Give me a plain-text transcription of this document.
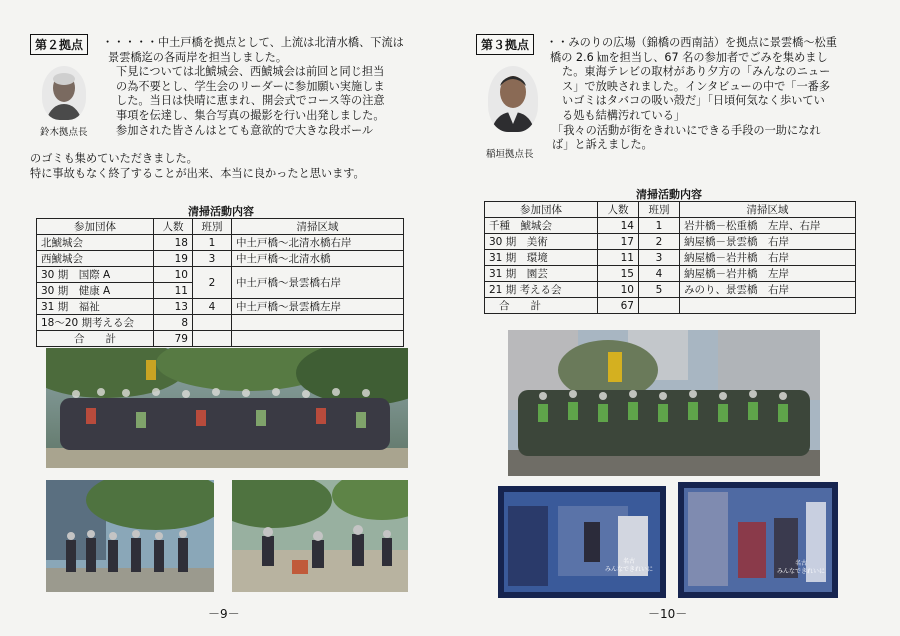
第２拠点	・・・・・中土戸橋を拠点として、上流は北清水橋、下流は

景雲橋迄の各両岸を担当しました。

下見については北鯱城会、西鯱城会は前回と同じ担当

の為不要とし、学生会のリーダーに参加願い実施しま

した。当日は快晴に恵まれ、開会式でコース等の注意

事項を伝達し、集合写真の撮影を行い出発しました。

参加された皆さんはとても意欲的で大きな段ボール

のゴミも集めていただきました。

特に事故もなく終了することが出来、本当に良かったと思います。

鈴木拠点長
清掃活動内容
参加団体	人数	班別	清掃区域
北鯱城会	18	1	中土戸橋～北清水橋右岸
西鯱城会	19	3	中土戸橋～北清水橋
30 期　国際 A	10	2	中土戸橋～景雲橋右岸
30 期　健康 A	11		
31 期　福祉	13	4	中土戸橋～景雲橋左岸
18～20 期考える会	8		
合　　計	79		
－9－
第３拠点	・・みのりの広場（錦橋の西南詰）を拠点に景雲橋～松重

橋の 2.6 ㎞を担当し、67 名の参加者でごみを集めまし

た。東海テレビの取材があり夕方の「みんなのニュー

ス」で放映されました。インタビューの中で「一番多

いゴミはタバコの吸い殻だ」「日頃何気なく歩いてい

る処も結構汚れている」

「我々の活動が街をきれいにできる手段の一助になれ

ば」と訴えました。

稲垣拠点長
清掃活動内容
参加団体	人数	班別	清掃区域
千種　鯱城会	14	1	岩井橋－松重橋　左岸、右岸
30 期　美術	17	2	納屋橋－景雲橋　右岸
31 期　環境	11	3	納屋橋－岩井橋　右岸
31 期　園芸	15	4	納屋橋－岩井橋　左岸
21 期 考える会	10	5	みのり、景雲橋　右岸
合　　計	67		
名古
みんなできれいに
名古
みんなできれいに
－10－
